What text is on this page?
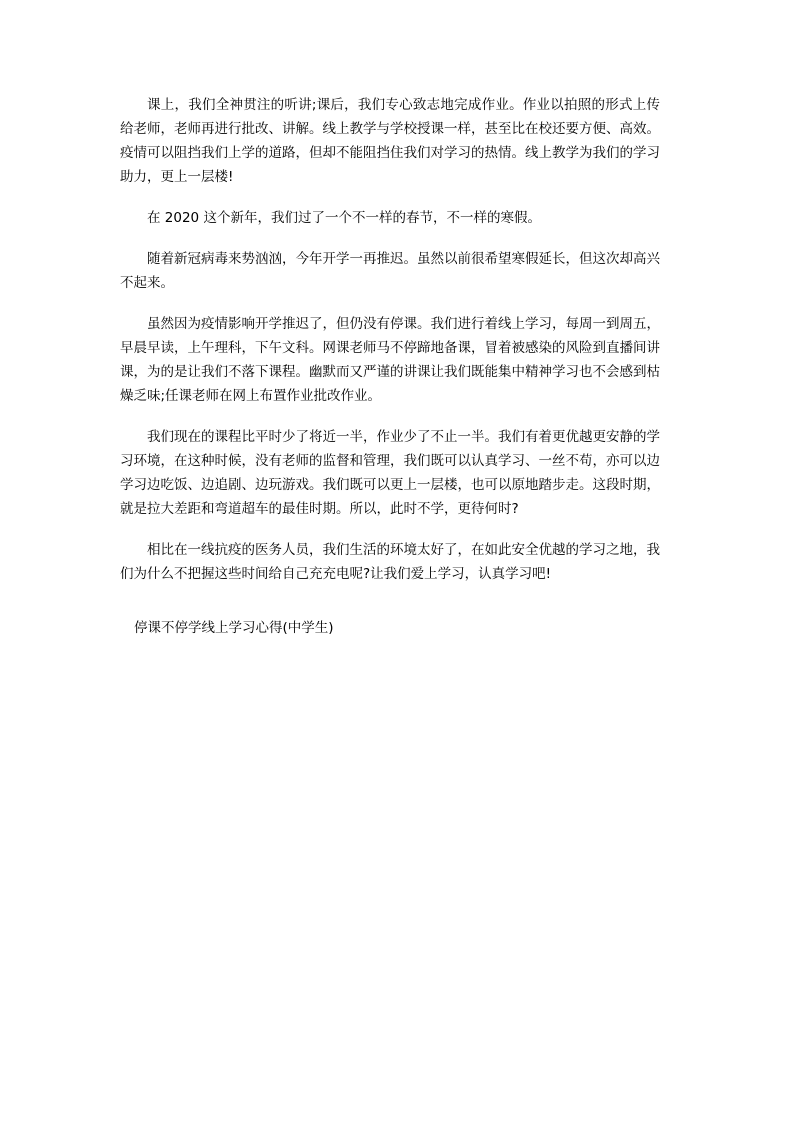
课上，我们全神贯注的听讲;课后，我们专心致志地完成作业。作业以拍照的形式上传给老师，老师再进行批改、讲解。线上教学与学校授课一样，甚至比在校还要方便、高效。疫情可以阻挡我们上学的道路，但却不能阻挡住我们对学习的热情。线上教学为我们的学习助力，更上一层楼!

在 2020 这个新年，我们过了一个不一样的春节，不一样的寒假。

随着新冠病毒来势汹汹，今年开学一再推迟。虽然以前很希望寒假延长，但这次却高兴不起来。

虽然因为疫情影响开学推迟了，但仍没有停课。我们进行着线上学习，每周一到周五，早晨早读，上午理科，下午文科。网课老师马不停蹄地备课，冒着被感染的风险到直播间讲课，为的是让我们不落下课程。幽默而又严谨的讲课让我们既能集中精神学习也不会感到枯燥乏味;任课老师在网上布置作业批改作业。

我们现在的课程比平时少了将近一半，作业少了不止一半。我们有着更优越更安静的学习环境，在这种时候，没有老师的监督和管理，我们既可以认真学习、一丝不苟，亦可以边学习边吃饭、边追剧、边玩游戏。我们既可以更上一层楼，也可以原地踏步走。这段时期，就是拉大差距和弯道超车的最佳时期。所以，此时不学，更待何时?

相比在一线抗疫的医务人员，我们生活的环境太好了，在如此安全优越的学习之地，我们为什么不把握这些时间给自己充充电呢?让我们爱上学习，认真学习吧!

停课不停学线上学习心得(中学生)
